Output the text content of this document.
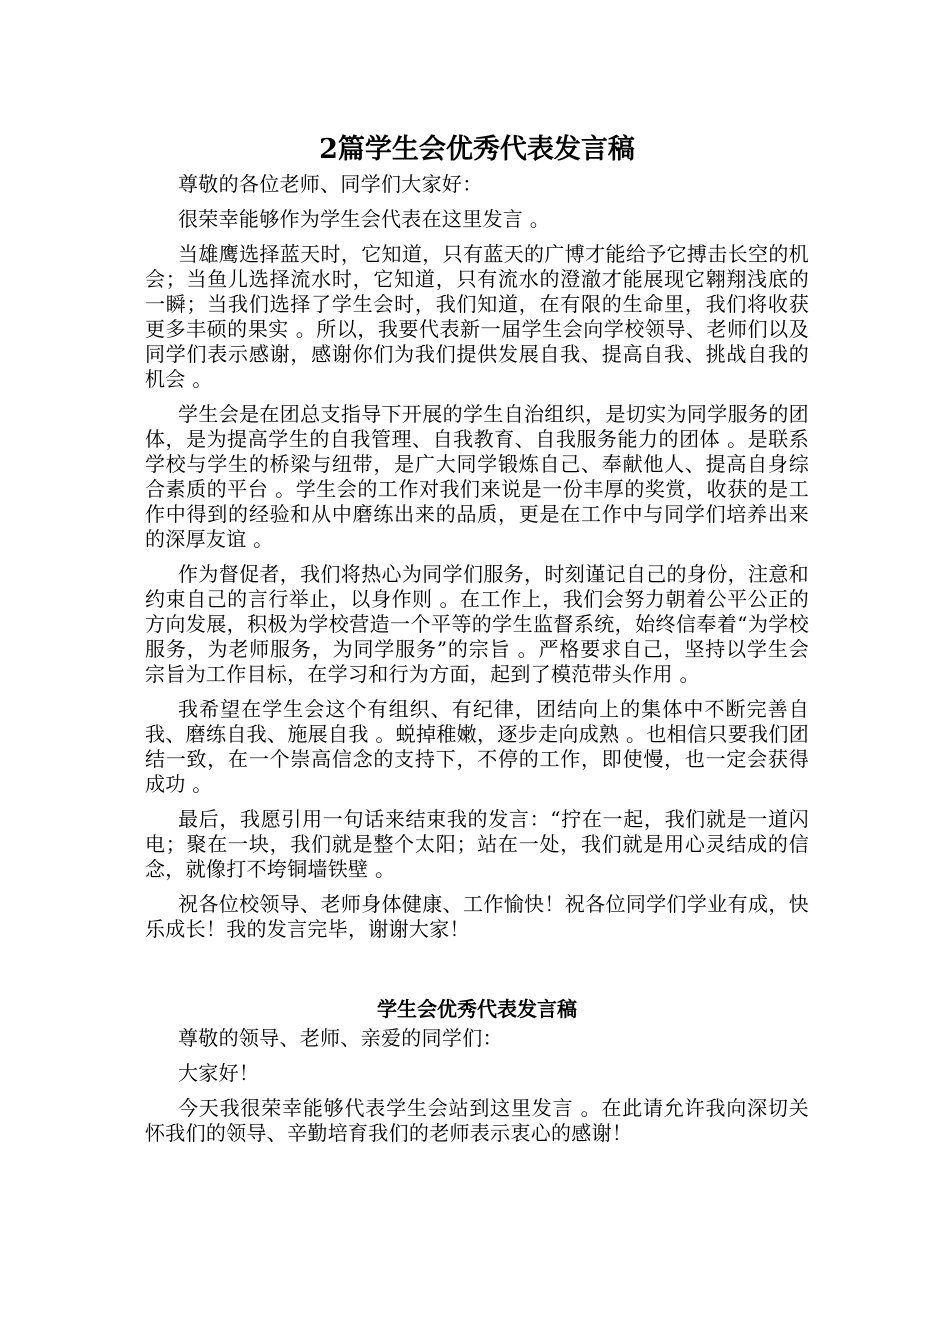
2篇学生会优秀代表发言稿

尊敬的各位老师、同学们大家好：

很荣幸能够作为学生会代表在这里发言 。

当雄鹰选择蓝天时，它知道，只有蓝天的广博才能给予它搏击长空的机会；当鱼儿选择流水时，它知道，只有流水的澄澈才能展现它翱翔浅底的一瞬；当我们选择了学生会时，我们知道，在有限的生命里，我们将收获更多丰硕的果实 。所以，我要代表新一届学生会向学校领导、老师们以及同学们表示感谢，感谢你们为我们提供发展自我、提高自我、挑战自我的机会 。

学生会是在团总支指导下开展的学生自治组织，是切实为同学服务的团体，是为提高学生的自我管理、自我教育、自我服务能力的团体 。是联系学校与学生的桥梁与纽带，是广大同学锻炼自己、奉献他人、提高自身综合素质的平台 。学生会的工作对我们来说是一份丰厚的奖赏，收获的是工作中得到的经验和从中磨练出来的品质，更是在工作中与同学们培养出来的深厚友谊 。

作为督促者，我们将热心为同学们服务，时刻谨记自己的身份，注意和约束自己的言行举止，以身作则 。在工作上，我们会努力朝着公平公正的方向发展，积极为学校营造一个平等的学生监督系统，始终信奉着“为学校服务，为老师服务，为同学服务”的宗旨 。严格要求自己，坚持以学生会宗旨为工作目标，在学习和行为方面，起到了模范带头作用 。

我希望在学生会这个有组织、有纪律，团结向上的集体中不断完善自我、磨练自我、施展自我 。蜕掉稚嫩，逐步走向成熟 。也相信只要我们团结一致，在一个崇高信念的支持下，不停的工作，即使慢，也一定会获得成功 。

最后，我愿引用一句话来结束我的发言：“拧在一起，我们就是一道闪电；聚在一块，我们就是整个太阳；站在一处，我们就是用心灵结成的信念，就像打不垮铜墙铁壁 。

祝各位校领导、老师身体健康、工作愉快！祝各位同学们学业有成，快乐成长！我的发言完毕，谢谢大家！

学生会优秀代表发言稿

尊敬的领导、老师、亲爱的同学们：

大家好！

今天我很荣幸能够代表学生会站到这里发言 。在此请允许我向深切关怀我们的领导、辛勤培育我们的老师表示衷心的感谢！
